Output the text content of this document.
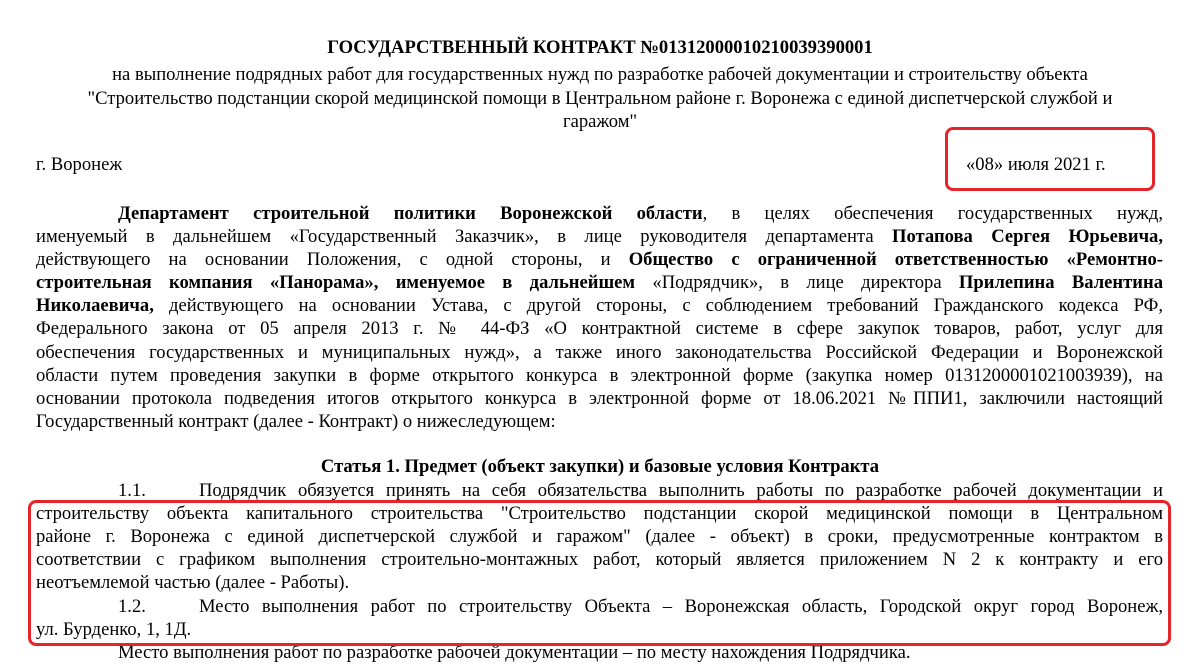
ГОСУДАРСТВЕННЫЙ КОНТРАКТ №0131200001021003939000​1
на выполнение подрядных работ для государственных нужд по разработке рабочей документации и строительству объекта
"Строительство подстанции скорой медицинской помощи в Центральном районе г. Воронежа с единой диспетчерской службой и
гаражом"
г. Воронеж	«08» июля 2021 г.
Департамент строительной политики Воронежской области, в целях обеспечения государственных нужд,
именуемый в дальнейшем «Государственный Заказчик», в лице руководителя департамента Потапова Сергея Юрьевича,
действующего на основании Положения, с одной стороны, и Общество с ограниченной ответственностью «Ремонтно-
строительная компания «Панорама», именуемое в дальнейшем «Подрядчик», в лице директора Прилепина Валентина
Николаевича, действующего на основании Устава, с другой стороны, с соблюдением требований Гражданского кодекса РФ,
Федерального закона от 05 апреля 2013 г. № 44-ФЗ «О контрактной системе в сфере закупок товаров, работ, услуг для
обеспечения государственных и муниципальных нужд», а также иного законодательства Российской Федерации и Воронежской
области путем проведения закупки в форме открытого конкурса в электронной форме (закупка номер 0131200001021003939), на
основании протокола подведения итогов открытого конкурса в электронной форме от 18.06.2021 №ППИ1, заключили настоящий
Государственный контракт (далее - Контракт) о нижеследующем:
Статья 1. Предмет (объект закупки) и базовые условия Контракта
1.1.	Подрядчик обязуется принять на себя обязательства выполнить работы по разработке рабочей документации и
строительству объекта капитального строительства "Строительство подстанции скорой медицинской помощи в Центральном
районе г. Воронежа с единой диспетчерской службой и гаражом" (далее - объект) в сроки, предусмотренные контрактом в
соответствии с графиком выполнения строительно-монтажных работ, который является приложением N 2 к контракту и его
неотъемлемой частью (далее - Работы).
1.2.	Место выполнения работ по строительству Объекта – Воронежская область, Городской округ город Воронеж,
ул. Бурденко, 1, 1Д.
Место выполнения работ по разработке рабочей документации – по месту нахождения Подрядчика.
